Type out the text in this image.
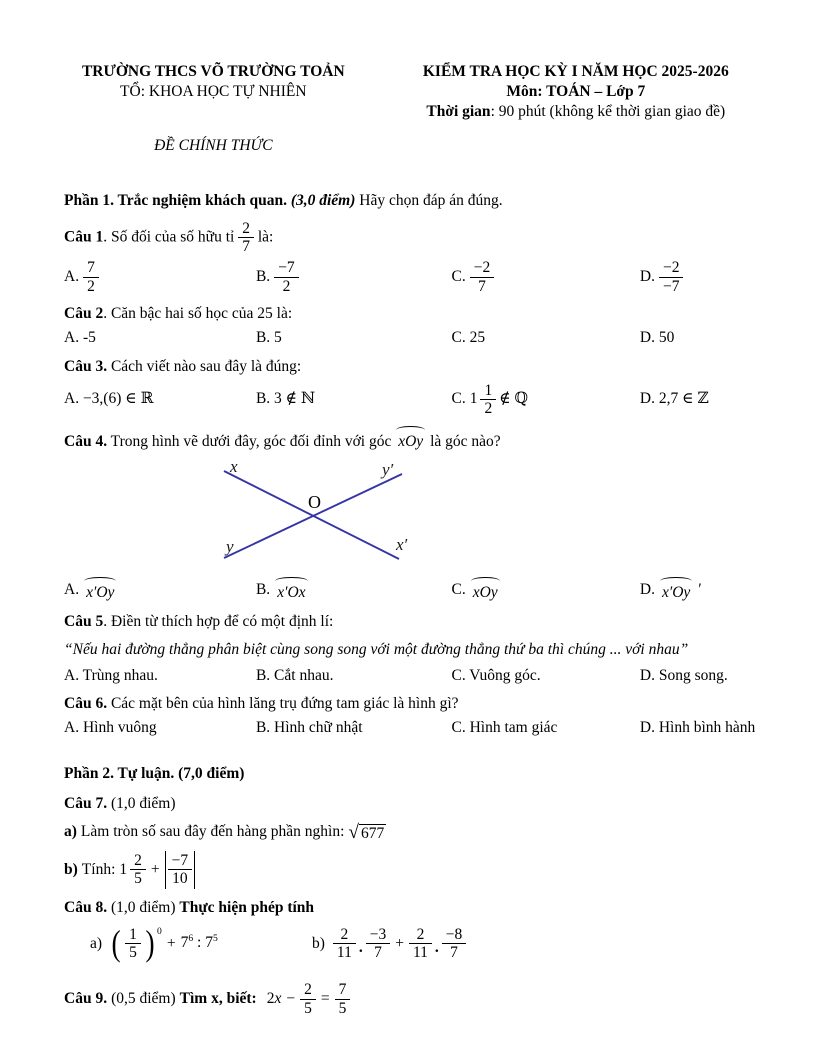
TRƯỜNG THCS VÕ TRƯỜNG TOẢN
TỔ: KHOA HỌC TỰ NHIÊN
KIỂM TRA HỌC KỲ I NĂM HỌC 2025-2026
Môn: TOÁN – Lớp 7
Thời gian: 90 phút (không kể thời gian giao đề)
ĐỀ CHÍNH THỨC

Phần 1. Trắc nghiệm khách quan. (3,0 điểm) Hãy chọn đáp án đúng.

Câu 1. Số đối của số hữu tỉ $\frac{2}{7}$ là:

A. $\frac{7}{2}$	B. $\frac{-7}{2}$	C. $\frac{-2}{7}$	D. $\frac{-2}{-7}$

Câu 2. Căn bậc hai số học của 25 là:

A. -5	B. 5	C. 25	D. 50

Câu 3. Cách viết nào sau đây là đúng:

A. −3,(6) ∈ ℝ	B. 3 ∉ ℕ	C. $1 \frac{1}{2}$ ∉ ℚ	D. 2,7 ∈ ℤ

Câu 4. Trong hình vẽ dưới đây, góc đối đỉnh với góc xOy là góc nào?

x	y′
O
y	x′
A. x′Oy	B. x′Ox	C. xOy	D. x′Oy ′

Câu 5. Điền từ thích hợp để có một định lí:

“Nếu hai đường thẳng phân biệt cùng song song với một đường thẳng thứ ba thì chúng ... với nhau”

A. Trùng nhau.	B. Cắt nhau.	C. Vuông góc.	D. Song song.

Câu 6. Các mặt bên của hình lăng trụ đứng tam giác là hình gì?

A. Hình vuông	B. Hình chữ nhật	C. Hình tam giác	D. Hình bình hành

Phần 2. Tự luận. (7,0 điểm)

Câu 7. (1,0 điểm)

a) Làm tròn số sau đây đến hàng phần nghìn: √ 677
b) Tính: $1 \frac{2}{5} + \frac{-7}{10}$

Câu 8. (1,0 điểm) Thực hiện phép tính

a) ( $\frac{1}{5}$ ) $^0$
+ $7^6$ : $7^5$	$b) \frac{2}{11}$ . $\frac{-3}{7} + \frac{2}{11}$ . $\frac{-8}{7}$
Câu 9. (0,5 điểm) Tìm x, biết: $2x - \frac{2}{5} = \frac{7}{5}$
